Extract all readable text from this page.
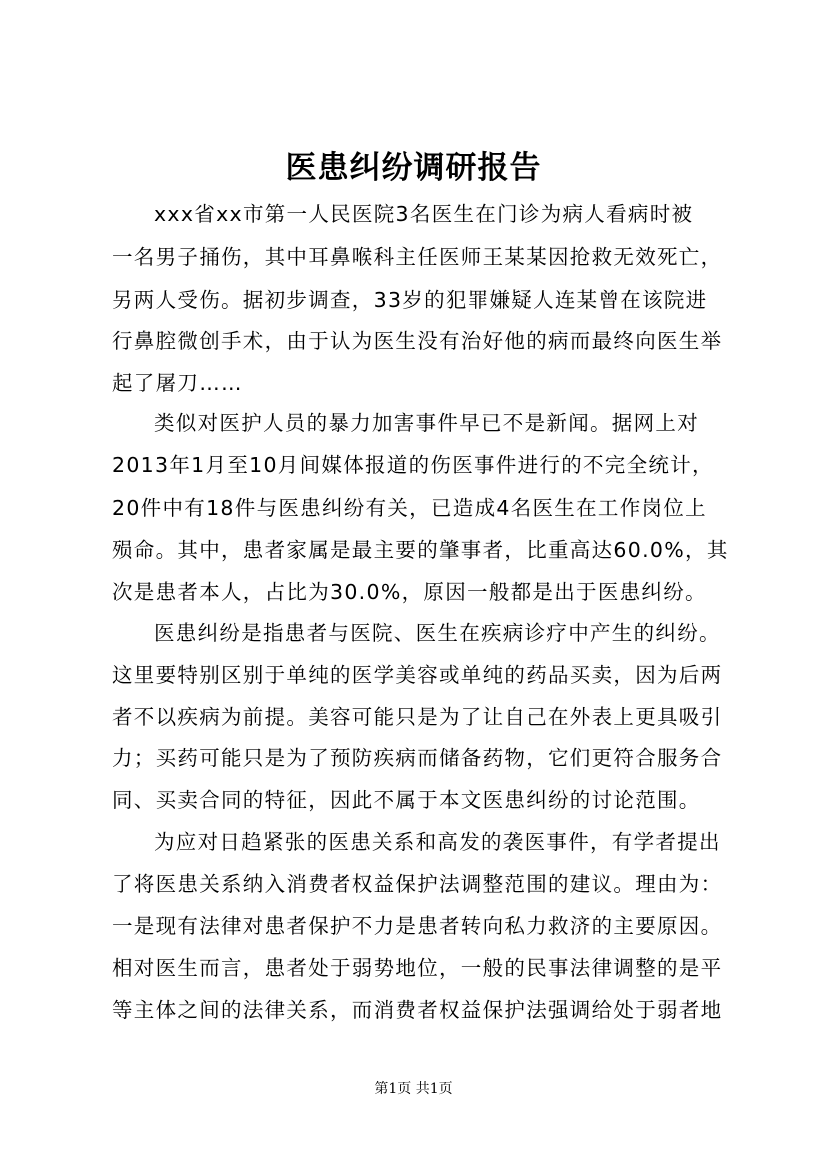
医患纠纷调研报告
xxx省xx市第一人民医院3名医生在门诊为病人看病时被
一名男子捅伤，其中耳鼻喉科主任医师王某某因抢救无效死亡，
另两人受伤。据初步调查，33岁的犯罪嫌疑人连某曾在该院进
行鼻腔微创手术，由于认为医生没有治好他的病而最终向医生举
起了屠刀……
类似对医护人员的暴力加害事件早已不是新闻。据网上对
2013年1月至10月间媒体报道的伤医事件进行的不完全统计，
20件中有18件与医患纠纷有关，已造成4名医生在工作岗位上
殒命。其中，患者家属是最主要的肇事者，比重高达60.0%，其
次是患者本人，占比为30.0%，原因一般都是出于医患纠纷。
医患纠纷是指患者与医院、医生在疾病诊疗中产生的纠纷。
这里要特别区别于单纯的医学美容或单纯的药品买卖，因为后两
者不以疾病为前提。美容可能只是为了让自己在外表上更具吸引
力；买药可能只是为了预防疾病而储备药物，它们更符合服务合
同、买卖合同的特征，因此不属于本文医患纠纷的讨论范围。
为应对日趋紧张的医患关系和高发的袭医事件，有学者提出
了将医患关系纳入消费者权益保护法调整范围的建议。理由为：
一是现有法律对患者保护不力是患者转向私力救济的主要原因。
相对医生而言，患者处于弱势地位，一般的民事法律调整的是平
等主体之间的法律关系，而消费者权益保护法强调给处于弱者地
第1页 共1页
